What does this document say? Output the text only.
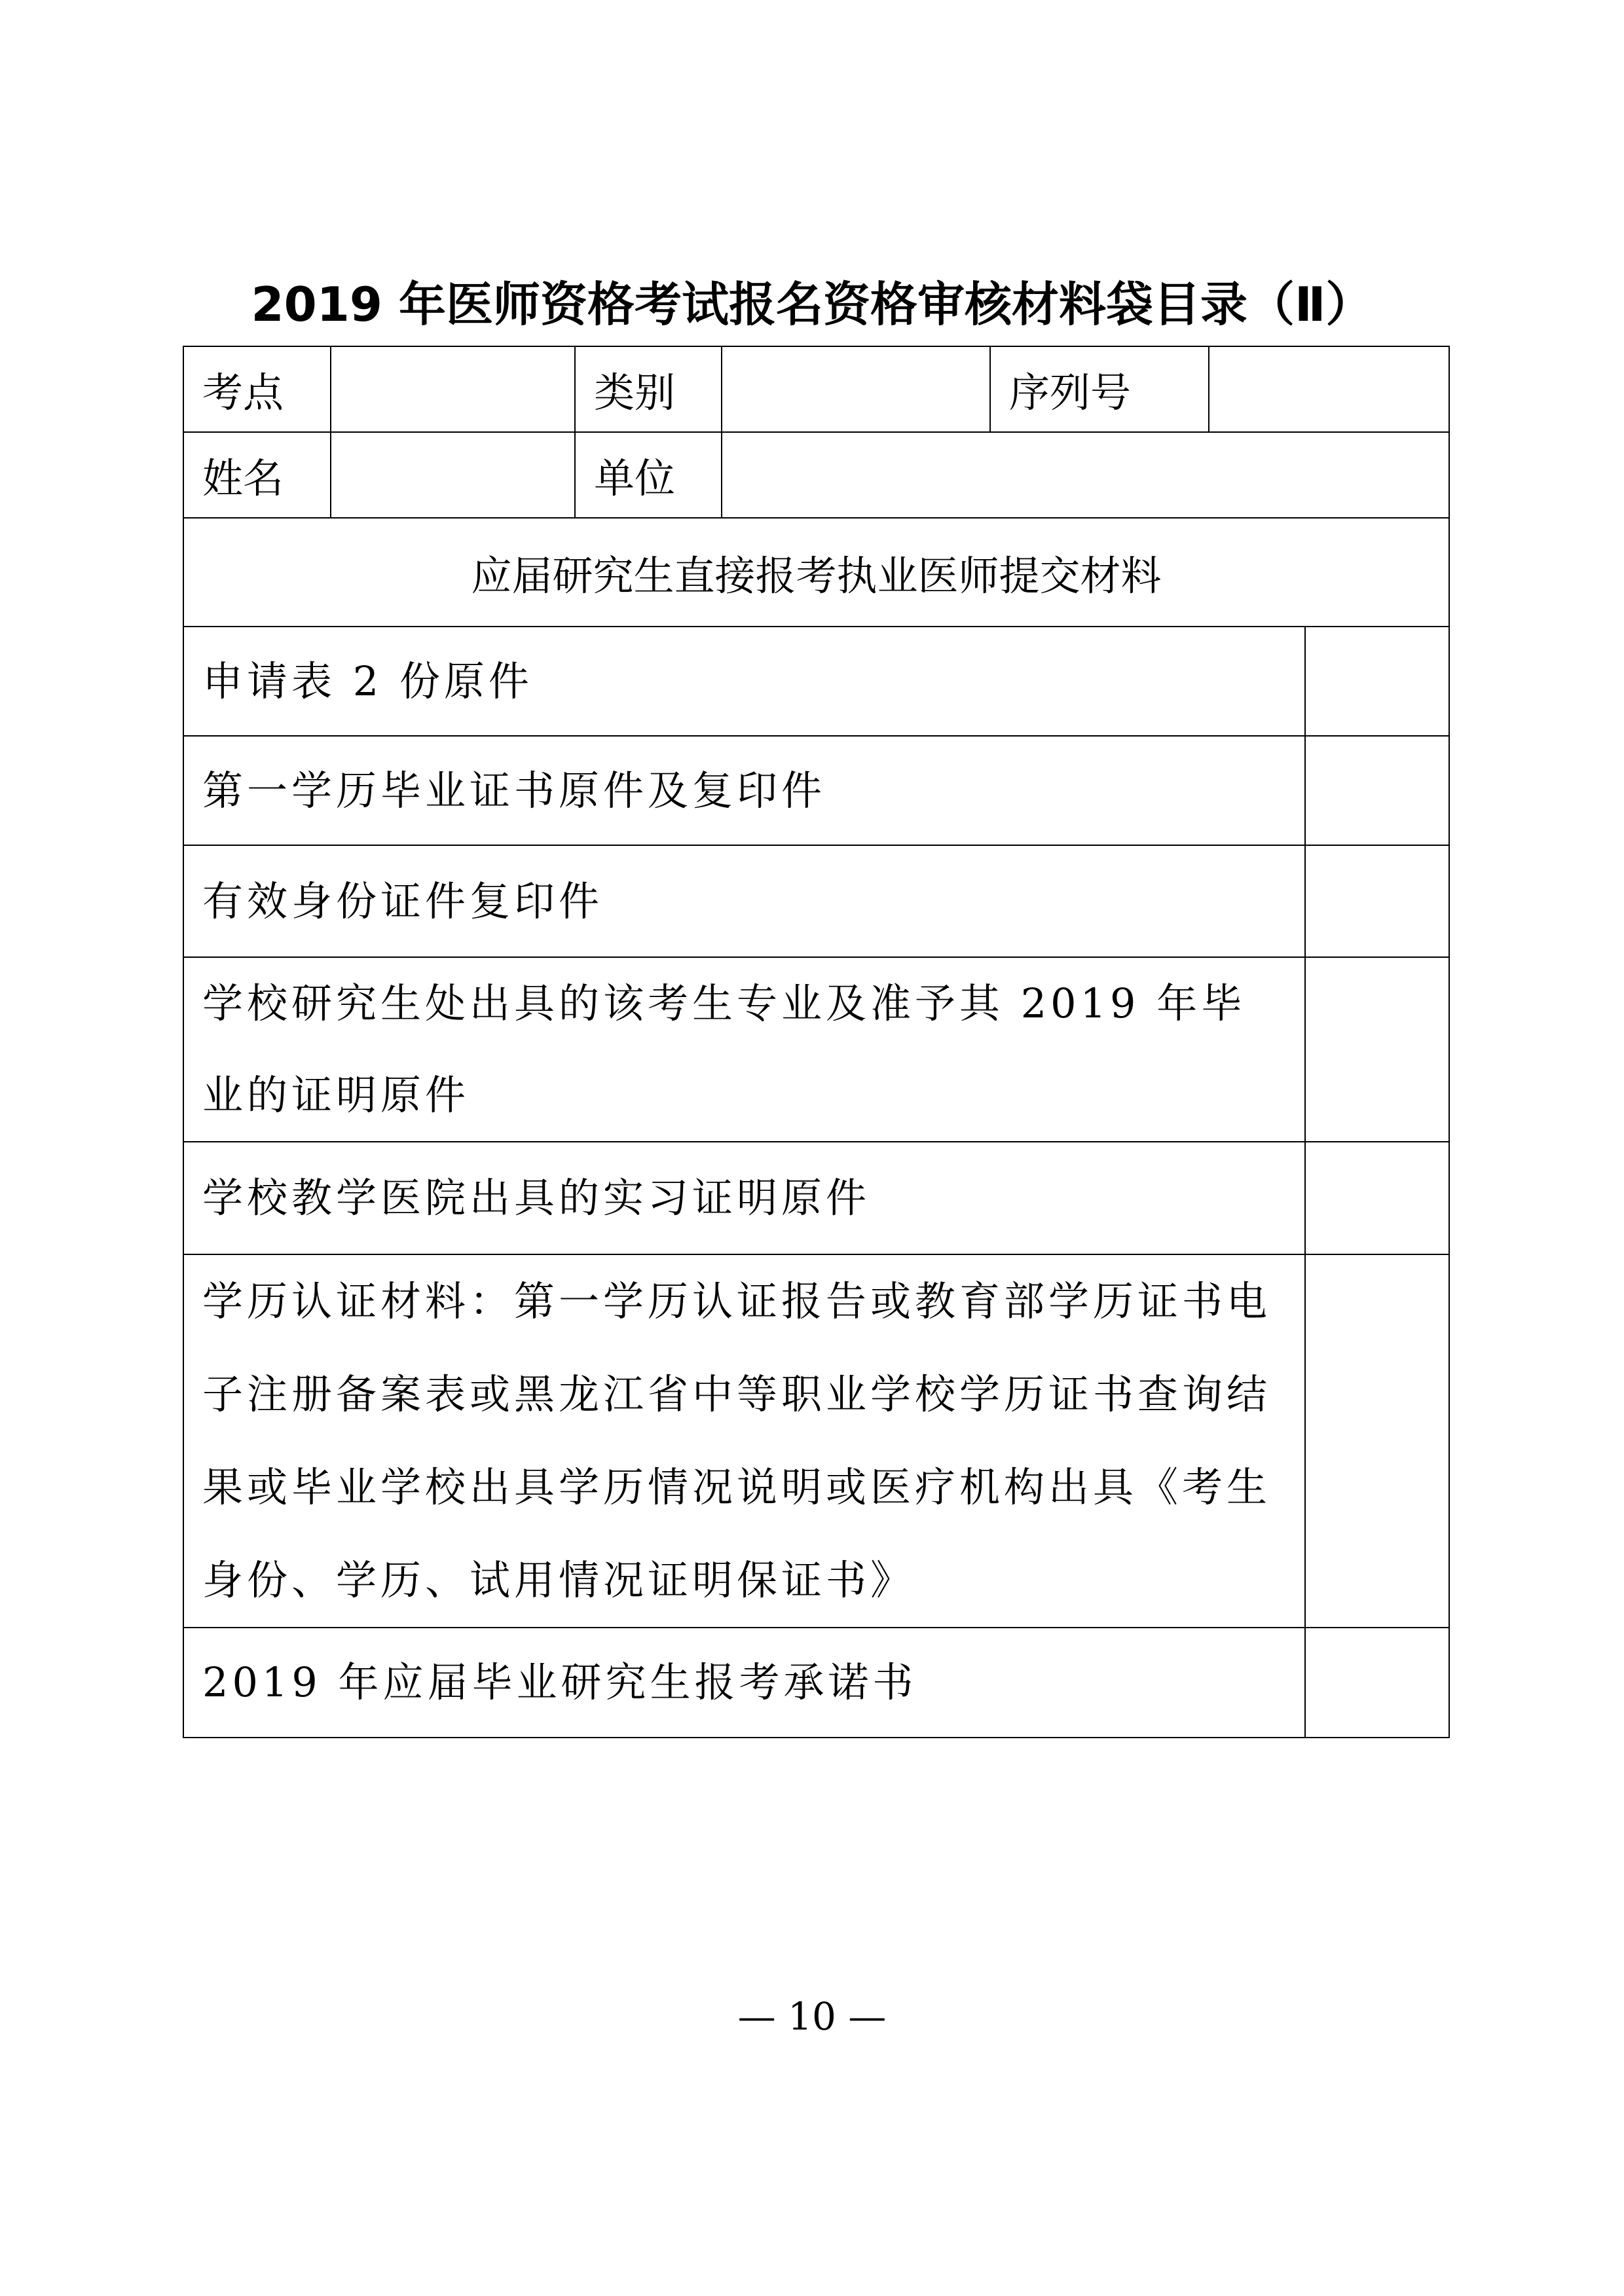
2019 年医师资格考试报名资格审核材料袋目录（Ⅱ）
考点		类别		序列号		
姓名		单位				
应届研究生直接报考执业医师提交材料						
申请表 2 份原件						
第一学历毕业证书原件及复印件						
有效身份证件复印件						
学校研究生处出具的该考生专业及准予其 2019 年毕业的证明原件						
学校教学医院出具的实习证明原件						
学历认证材料：第一学历认证报告或教育部学历证书电子注册备案表或黑龙江省中等职业学校学历证书查询结果或毕业学校出具学历情况说明或医疗机构出具《考生身份、学历、试用情况证明保证书》						
2019 年应届毕业研究生报考承诺书						
— 10 —
